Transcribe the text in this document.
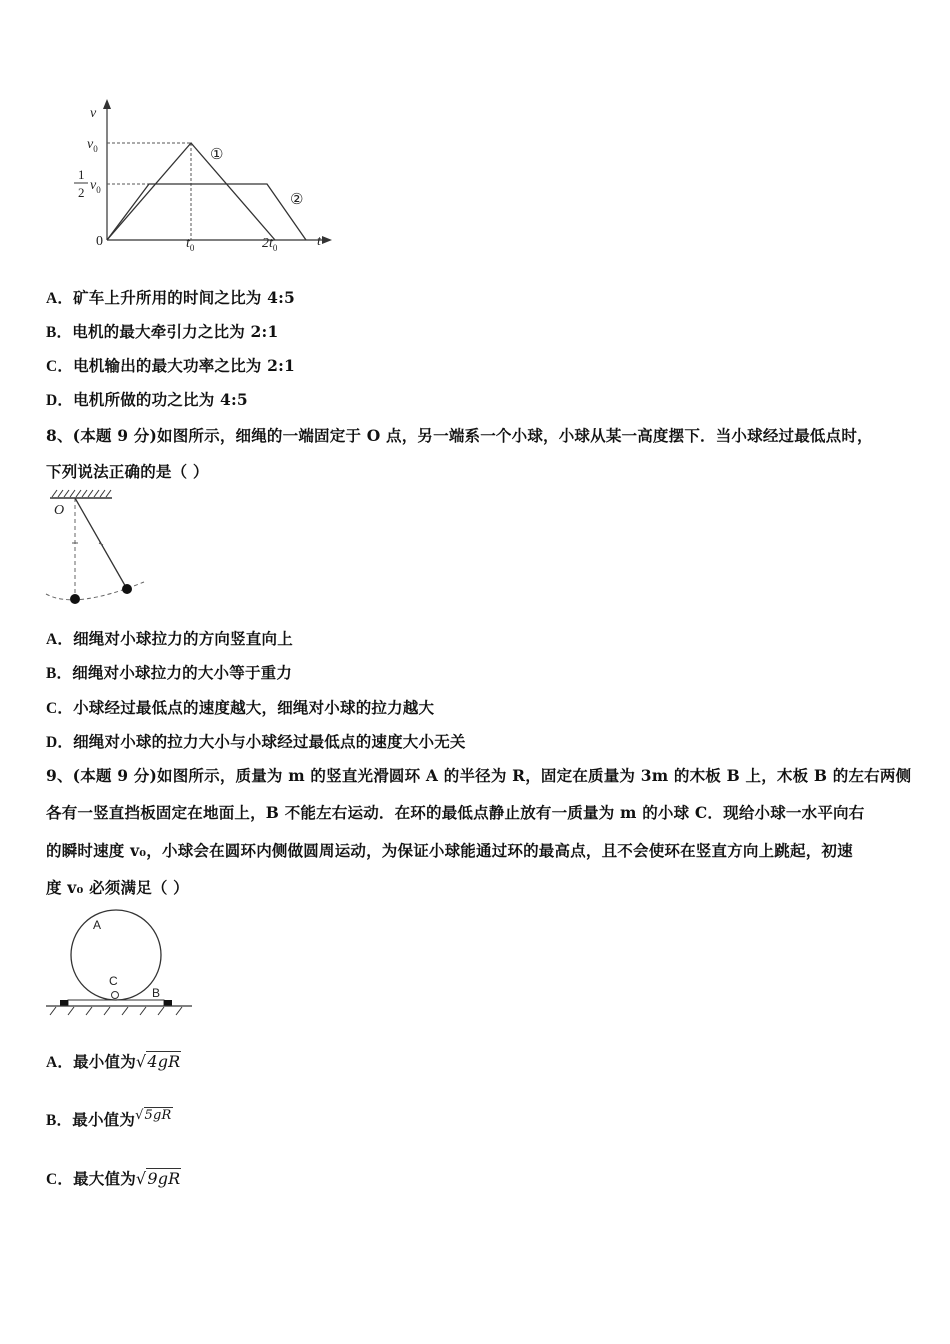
v
t
$v_0$
1
2 $v_0$
0	$t_0$	$2t_0$
①
②
A．矿车上升所用的时间之比为 4:5
B．电机的最大牵引力之比为 2:1
C．电机输出的最大功率之比为 2:1
D．电机所做的功之比为 4:5
8、(本题 9 分)如图所示，细绳的一端固定于 O 点，另一端系一个小球，小球从某一高度摆下．当小球经过最低点时，
下列说法正确的是（ ）
O
A．细绳对小球拉力的方向竖直向上
B．细绳对小球拉力的大小等于重力
C．小球经过最低点的速度越大，细绳对小球的拉力越大
D．细绳对小球的拉力大小与小球经过最低点的速度大小无关
9、(本题 9 分)如图所示，质量为 m 的竖直光滑圆环 A 的半径为 R，固定在质量为 3m 的木板 B 上，木板 B 的左右两侧
各有一竖直挡板固定在地面上，B 不能左右运动．在环的最低点静止放有一质量为 m 的小球 C．现给小球一水平向右
的瞬时速度 v₀，小球会在圆环内侧做圆周运动，为保证小球能通过环的最高点，且不会使环在竖直方向上跳起，初速
度 v₀ 必须满足（ ）
A
C
B
A．最小值为√4gR
B．最小值为$^{√5gR}$
C．最大值为√9gR
